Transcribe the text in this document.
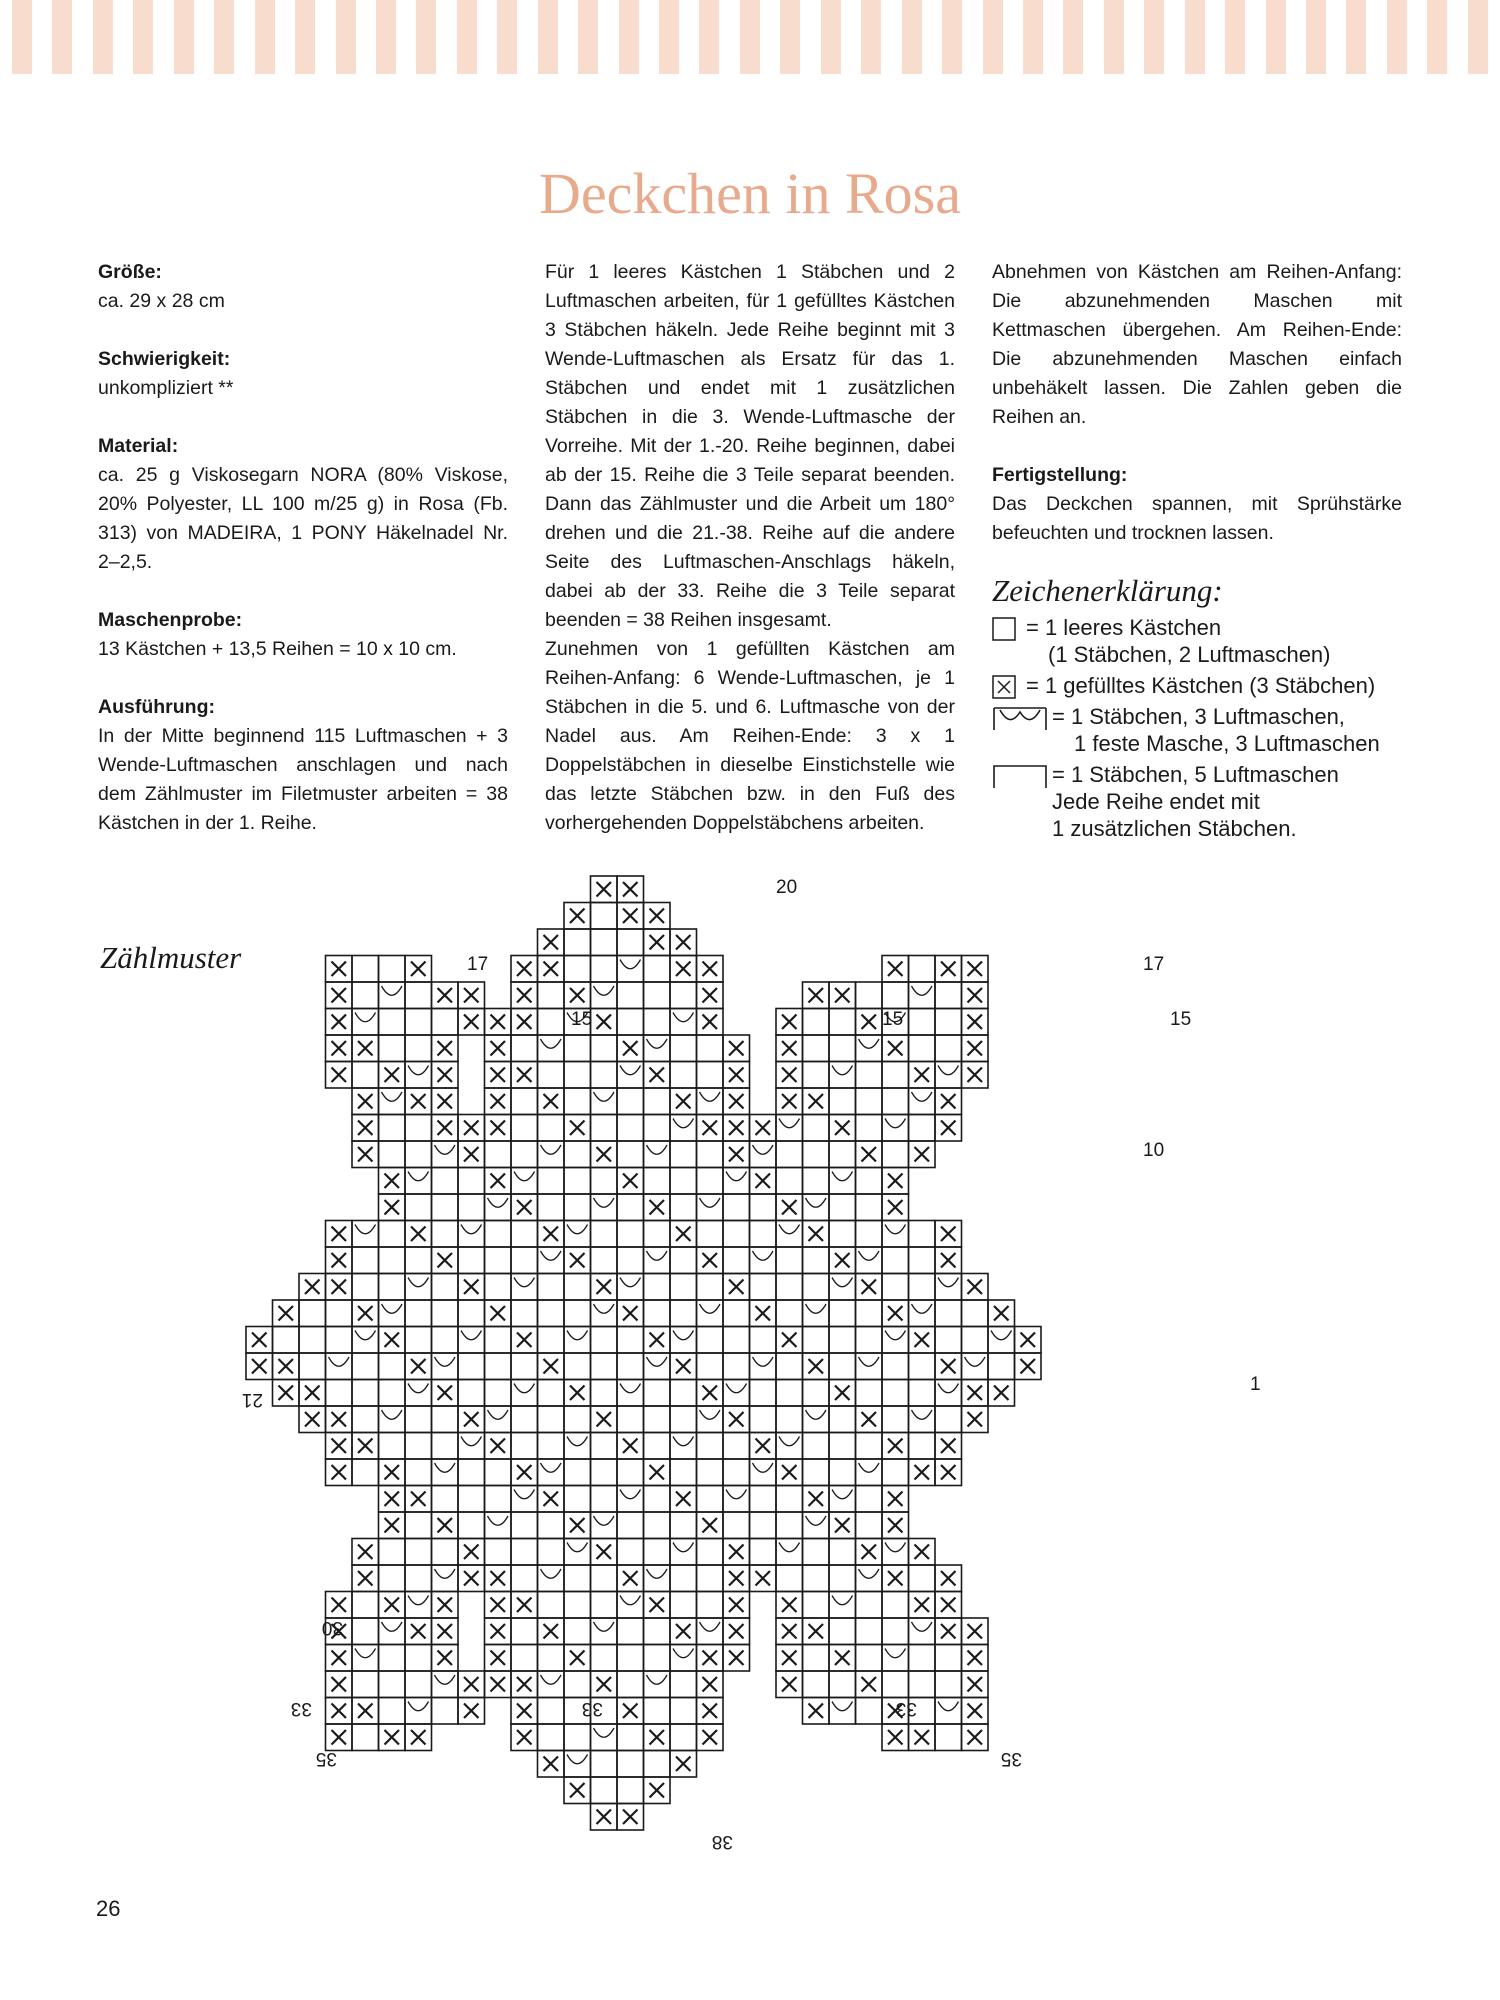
Deckchen in Rosa

Größe:

ca. 29 x 28 cm

Schwierigkeit:

unkompliziert **

Material:

ca. 25 g Viskosegarn NORA (80% Viskose, 20% Polyester, LL 100 m/25 g) in Rosa (Fb. 313) von MADEIRA, 1 PONY Häkelnadel Nr. 2–2,5.

Maschenprobe:

13 Kästchen + 13,5 Reihen = 10 x 10 cm.

Ausführung:

In der Mitte beginnend 115 Luftmaschen + 3 Wende-Luftmaschen anschlagen und nach dem Zählmuster im Filetmuster arbeiten = 38 Kästchen in der 1. Reihe.

Für 1 leeres Kästchen 1 Stäbchen und 2 Luftmaschen arbeiten, für 1 gefülltes Kästchen 3 Stäbchen häkeln. Jede Reihe beginnt mit 3 Wende-Luftmaschen als Ersatz für das 1. Stäbchen und endet mit 1 zusätzlichen Stäbchen in die 3. Wende-Luftmasche der Vorreihe. Mit der 1.-20. Reihe beginnen, dabei ab der 15. Reihe die 3 Teile separat beenden. Dann das Zählmuster und die Arbeit um 180° drehen und die 21.-38. Reihe auf die andere Seite des Luftmaschen-Anschlags häkeln, dabei ab der 33. Reihe die 3 Teile separat beenden = 38 Reihen insgesamt.

Zunehmen von 1 gefüllten Kästchen am Reihen-Anfang: 6 Wende-Luftmaschen, je 1 Stäbchen in die 5. und 6. Luftmasche von der Nadel aus. Am Reihen-Ende: 3 x 1 Doppelstäbchen in dieselbe Einstichstelle wie das letzte Stäbchen bzw. in den Fuß des vorhergehenden Doppelstäbchens arbeiten.

Abnehmen von Kästchen am Reihen-Anfang: Die abzunehmenden Maschen mit Kettmaschen übergehen. Am Reihen-Ende: Die abzunehmenden Maschen einfach unbehäkelt lassen. Die Zahlen geben die Reihen an.

Fertigstellung:

Das Deckchen spannen, mit Sprühstärke befeuchten und trocknen lassen.

Zeichenerklärung:
= 1 leeres Kästchen
(1 Stäbchen, 2 Luftmaschen)
= 1 gefülltes Kästchen (3 Stäbchen)
= 1 Stäbchen, 3 Luftmaschen,
1 feste Masche, 3 Luftmaschen
= 1 Stäbchen, 5 Luftmaschen
Jede Reihe endet mit
1 zusätzlichen Stäbchen.
Zählmuster
20
17	17
15	15	15
10
1
21
30
33	33	33
35	35
38
26
